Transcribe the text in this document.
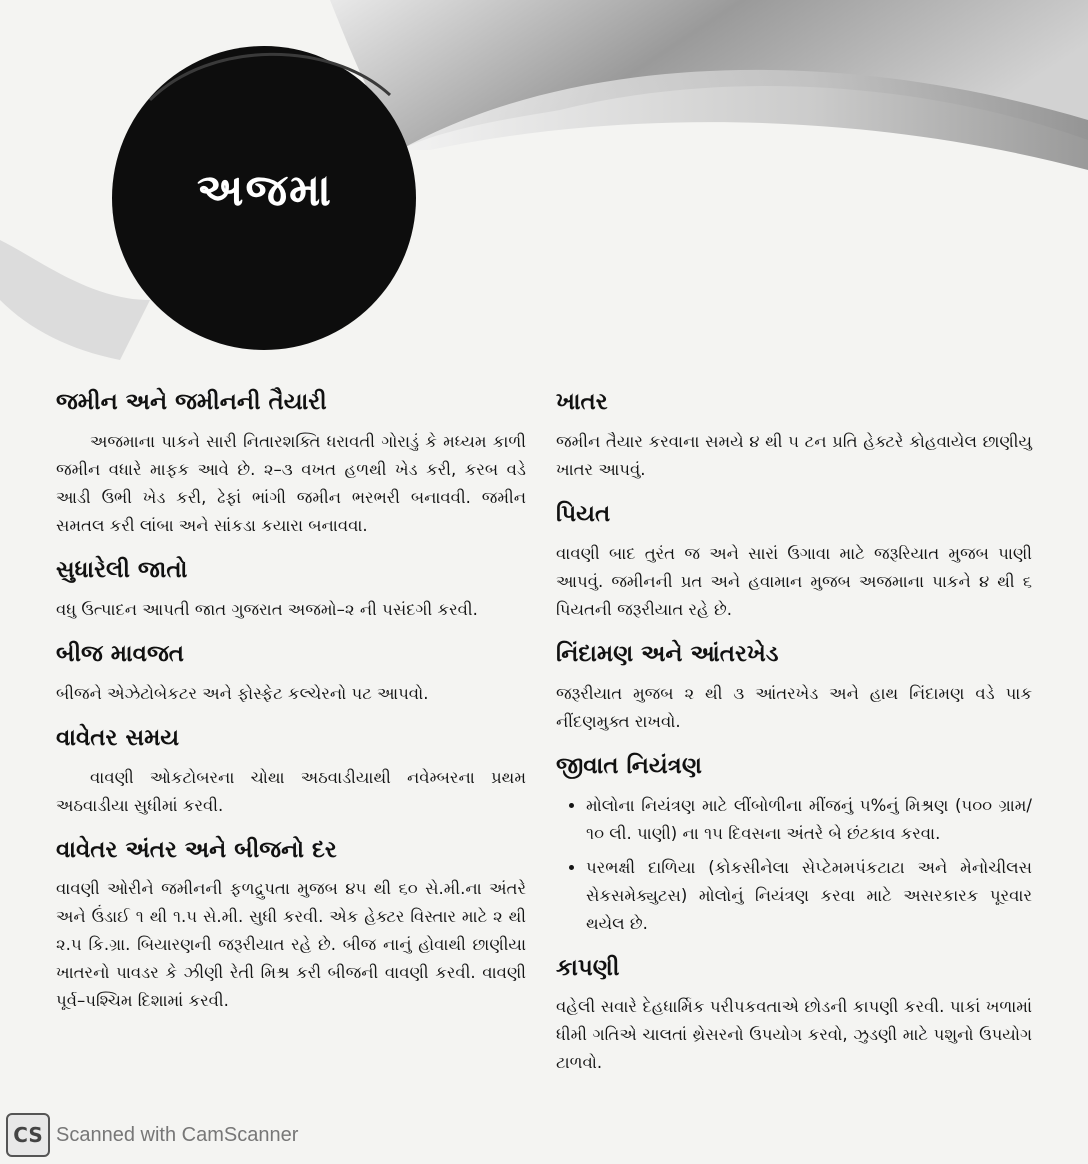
અજમા
જમીન અને જમીનની તૈયારી

અજમાના પાકને સારી નિતારશક્તિ ધરાવતી ગોરાડું કે મધ્યમ કાળી જમીન વધારે માફક આવે છે. ૨–૩ વખત હળથી ખેડ કરી, કરબ વડે આડી ઉભી ખેડ કરી, ઢેફાં ભાંગી જમીન ભરભરી બનાવવી. જમીન સમતલ કરી લાંબા અને સાંકડા કયારા બનાવવા.

સુધારેલી જાતો

વધુ ઉત્પાદન આપતી જાત ગુજરાત અજમો–૨ ની પસંદગી કરવી.

બીજ માવજત

બીજને એઝેટોબેકટર અને ફોસ્ફેટ કલ્ચેરનો પટ આપવો.

વાવેતર સમય

વાવણી ઓકટોબરના ચોથા અઠવાડીયાથી નવેમ્બરના પ્રથમ અઠવાડીયા સુધીમાં કરવી.

વાવેતર અંતર અને બીજનો દર

વાવણી ઓરીને જમીનની ફળદ્રુપતા મુજબ ૪૫ થી ૬૦ સે.મી.ના અંતરે અને ઉંડાઈ ૧ થી ૧.૫ સે.મી. સુધી કરવી. એક હેક્ટર વિસ્તાર માટે ૨ થી ૨.૫ કિ.ગ્રા. બિયારણની જરૂરીયાત રહે છે. બીજ નાનું હોવાથી છાણીયા ખાતરનો પાવડર કે ઝીણી રેતી મિશ્ર કરી બીજની વાવણી કરવી. વાવણી પૂર્વ–પશ્ચિમ દિશામાં કરવી.

ખાતર

જમીન તૈયાર કરવાના સમયે ૪ થી ૫ ટન પ્રતિ હેક્ટરે કોહવાયેલ છાણીયુ ખાતર આપવું.

પિયત

વાવણી બાદ તુરંત જ અને સારાં ઉગાવા માટે જરૂરિયાત મુજબ પાણી આપવું. જમીનની પ્રત અને હવામાન મુજબ અજમાના પાકને ૪ થી ૬ પિયતની જરૂરીયાત રહે છે.

નિંદામણ અને આંતરખેડ

જરૂરીયાત મુજબ ૨ થી ૩ આંતરખેડ અને હાથ નિંદામણ વડે પાક નીંદણમુક્ત રાખવો.

જીવાત નિયંત્રણ
• મોલોના નિયંત્રણ માટે લીંબોળીના મીંજનું ૫%નું મિશ્રણ (૫૦૦ ગ્રામ/૧૦ લી. પાણી) ના ૧૫ દિવસના અંતરે બે છંટકાવ કરવા.
• પરભક્ષી દાળિયા (કોકસીનેલા સેપ્ટેમમપંકટાટા અને મેનોચીલસ સેકસમેક્યુટસ) મોલોનું નિયંત્રણ કરવા માટે અસરકારક પૂરવાર થયેલ છે.
કાપણી

વહેલી સવારે દેહધાર્મિક પરીપકવતાએ છોડની કાપણી કરવી. પાકાં ખળામાં ધીમી ગતિએ ચાલતાં થ્રેસરનો ઉપયોગ કરવો, ઝુડણી માટે પશુનો ઉપયોગ ટાળવો.

CS Scanned with CamScanner
